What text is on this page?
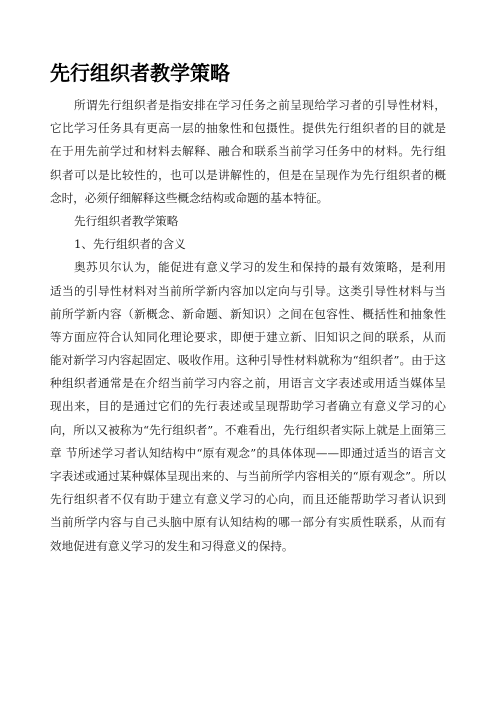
先行组织者教学策略
所谓先行组织者是指安排在学习任务之前呈现给学习者的引导性材料，
它比学习任务具有更高一层的抽象性和包摄性。提供先行组织者的目的就是
在于用先前学过和材料去解释、融合和联系当前学习任务中的材料。先行组
织者可以是比较性的，也可以是讲解性的，但是在呈现作为先行组织者的概
念时，必须仔细解释这些概念结构或命题的基本特征。
先行组织者教学策略
1、先行组织者的含义
奥苏贝尔认为，能促进有意义学习的发生和保持的最有效策略，是利用
适当的引导性材料对当前所学新内容加以定向与引导。这类引导性材料与当
前所学新内容（新概念、新命题、新知识）之间在包容性、概括性和抽象性
等方面应符合认知同化理论要求，即便于建立新、旧知识之间的联系，从而
能对新学习内容起固定、吸收作用。这种引导性材料就称为“组织者”。由于这
种组织者通常是在介绍当前学习内容之前，用语言文字表述或用适当媒体呈
现出来，目的是通过它们的先行表述或呈现帮助学习者确立有意义学习的心
向，所以又被称为“先行组织者”。不难看出，先行组织者实际上就是上面第三
章 节所述学习者认知结构中“原有观念”的具体体现——即通过适当的语言文
字表述或通过某种媒体呈现出来的、与当前所学内容相关的“原有观念”。所以
先行组织者不仅有助于建立有意义学习的心向，而且还能帮助学习者认识到
当前所学内容与自己头脑中原有认知结构的哪一部分有实质性联系，从而有
效地促进有意义学习的发生和习得意义的保持。
